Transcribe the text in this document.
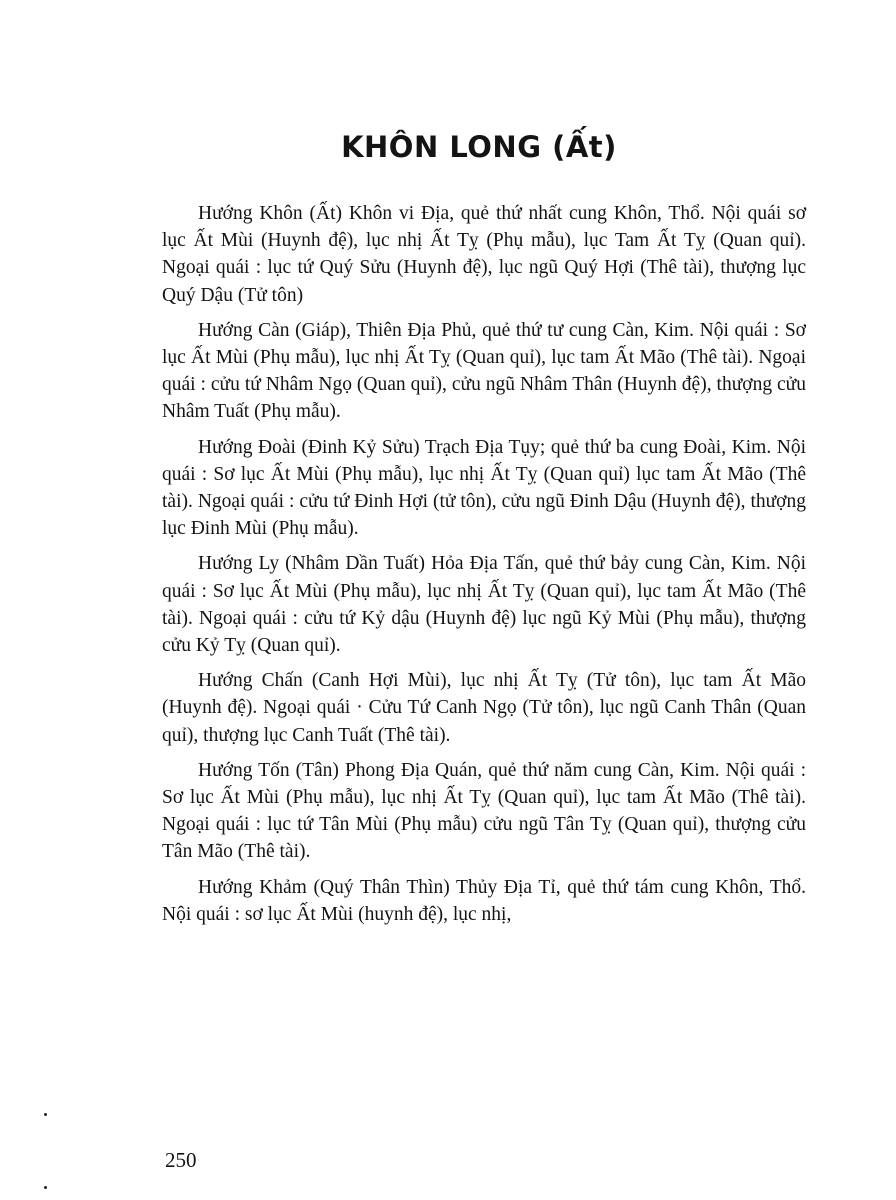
KHÔN LONG (Ất)

Hướng Khôn (Ất) Khôn vi Địa, quẻ thứ nhất cung Khôn, Thổ. Nội quái sơ lục Ất Mùi (Huynh đệ), lục nhị Ất Tỵ (Phụ mẫu), lục Tam Ất Tỵ (Quan quỉ). Ngoại quái : lục tứ Quý Sửu (Huynh đệ), lục ngũ Quý Hợi (Thê tài), thượng lục Quý Dậu (Tử tôn)

Hướng Càn (Giáp), Thiên Địa Phủ, quẻ thứ tư cung Càn, Kim. Nội quái : Sơ lục Ất Mùi (Phụ mẫu), lục nhị Ất Tỵ (Quan quỉ), lục tam Ất Mão (Thê tài). Ngoại quái : cửu tứ Nhâm Ngọ (Quan quỉ), cửu ngũ Nhâm Thân (Huynh đệ), thượng cửu Nhâm Tuất (Phụ mẫu).

Hướng Đoài (Đinh Kỷ Sửu) Trạch Địa Tụy; quẻ thứ ba cung Đoài, Kim. Nội quái : Sơ lục Ất Mùi (Phụ mẫu), lục nhị Ất Tỵ (Quan quỉ) lục tam Ất Mão (Thê tài). Ngoại quái : cửu tứ Đinh Hợi (tử tôn), cửu ngũ Đinh Dậu (Huynh đệ), thượng lục Đinh Mùi (Phụ mẫu).

Hướng Ly (Nhâm Dần Tuất) Hỏa Địa Tấn, quẻ thứ bảy cung Càn, Kim. Nội quái : Sơ lục Ất Mùi (Phụ mẫu), lục nhị Ất Tỵ (Quan quỉ), lục tam Ất Mão (Thê tài). Ngoại quái : cửu tứ Kỷ dậu (Huynh đệ) lục ngũ Kỷ Mùi (Phụ mẫu), thượng cửu Kỷ Tỵ (Quan quỉ).

Hướng Chấn (Canh Hợi Mùi), lục nhị Ất Tỵ (Tử tôn), lục tam Ất Mão (Huynh đệ). Ngoại quái · Cửu Tứ Canh Ngọ (Tử tôn), lục ngũ Canh Thân (Quan quỉ), thượng lục Canh Tuất (Thê tài).

Hướng Tốn (Tân) Phong Địa Quán, quẻ thứ năm cung Càn, Kim. Nội quái : Sơ lục Ất Mùi (Phụ mẫu), lục nhị Ất Tỵ (Quan quỉ), lục tam Ất Mão (Thê tài). Ngoại quái : lục tứ Tân Mùi (Phụ mẫu) cửu ngũ Tân Tỵ (Quan quỉ), thượng cửu Tân Mão (Thê tài).

Hướng Khảm (Quý Thân Thìn) Thủy Địa Tỉ, quẻ thứ tám cung Khôn, Thổ. Nội quái : sơ lục Ất Mùi (huynh đệ), lục nhị,

250
